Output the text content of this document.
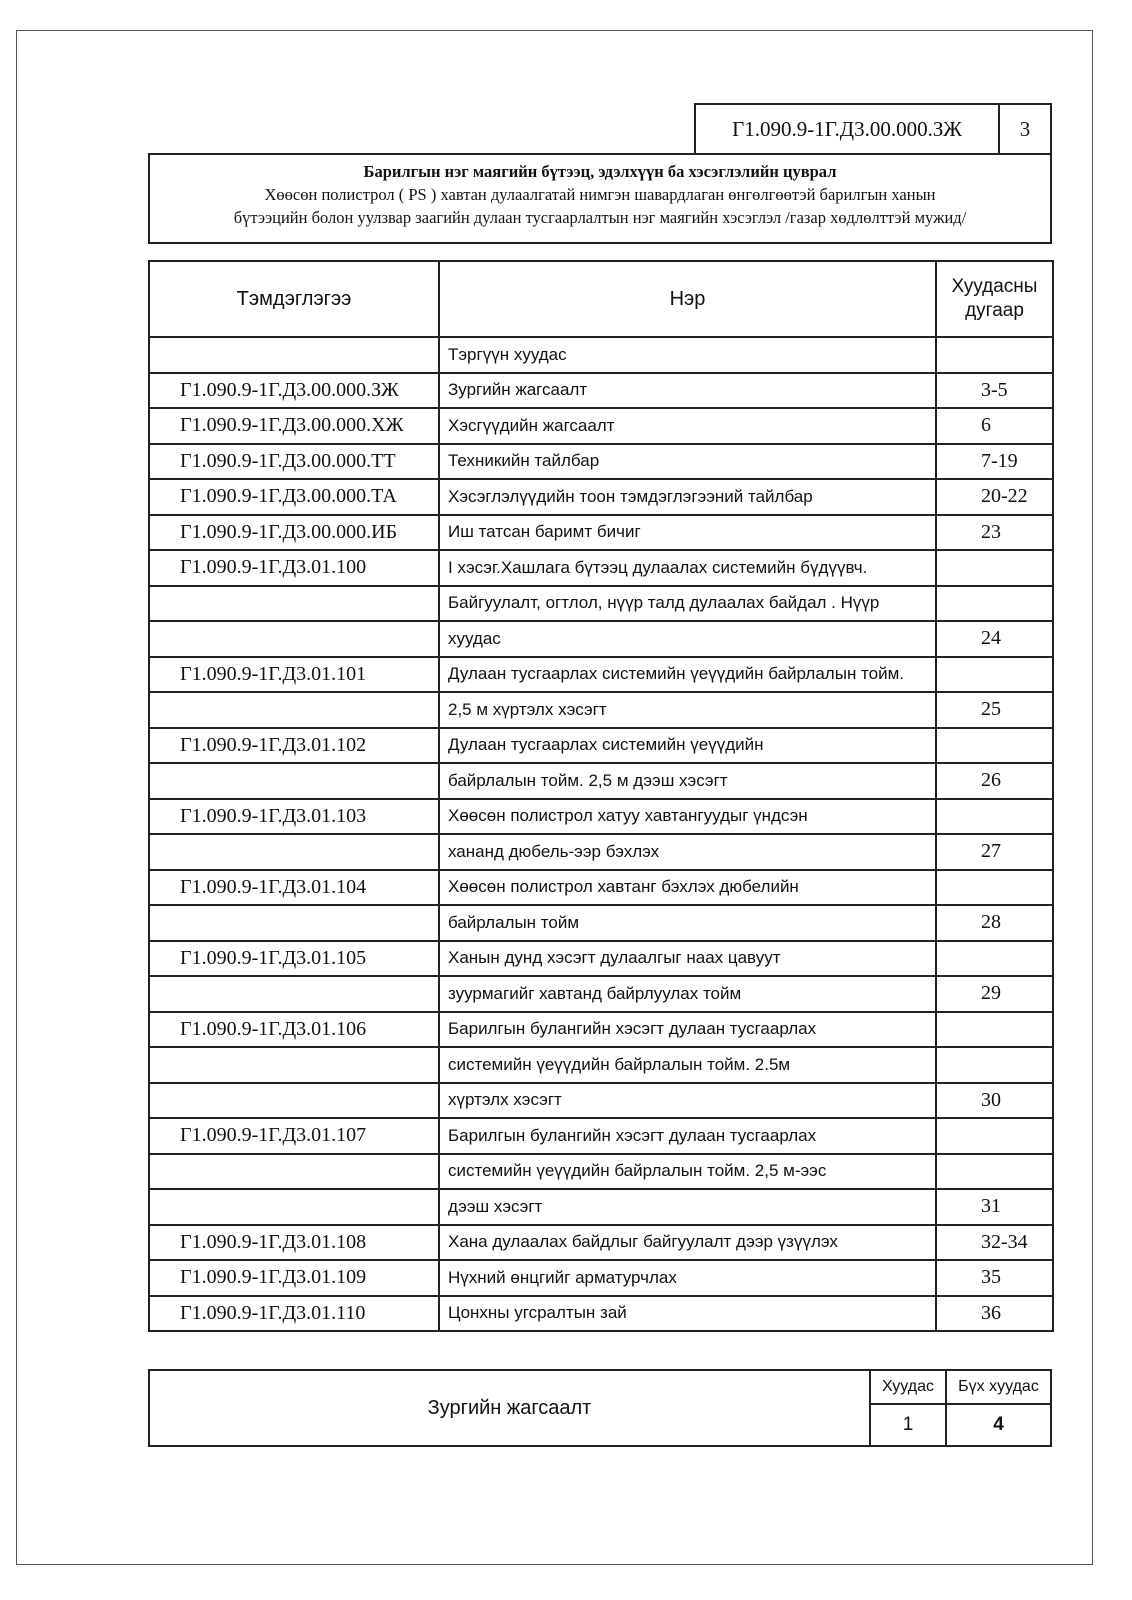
Г1.090.9-1Г.Д3.00.000.ЗЖ	3
Барилгын нэг маягийн бүтээц, эдэлхүүн ба хэсэглэлийн цуврал
Хөөсөн полистрол ( PS ) хавтан дулаалгатай нимгэн шавардлаган өнгөлгөөтэй барилгын ханын
бүтээцийн болон уулзвар заагийн дулаан тусгаарлалтын нэг маягийн хэсэглэл /газар хөдлөлттэй мужид/
Тэмдэглэгээ	Нэр	Хуудасны дугаар
	Тэргүүн хуудас	
Г1.090.9-1Г.Д3.00.000.ЗЖ	Зургийн жагсаалт	3-5
Г1.090.9-1Г.Д3.00.000.ХЖ	Хэсгүүдийн жагсаалт	6
Г1.090.9-1Г.Д3.00.000.ТТ	Техникийн тайлбар	7-19
Г1.090.9-1Г.Д3.00.000.ТА	Хэсэглэлүүдийн тоон тэмдэглэгээний тайлбар	20-22
Г1.090.9-1Г.Д3.00.000.ИБ	Иш татсан баримт бичиг	23
Г1.090.9-1Г.Д3.01.100	I хэсэг.Хашлага бүтээц дулаалах системийн бүдүүвч.	
	Байгуулалт, огтлол, нүүр талд дулаалах байдал . Нүүр	
	хуудас	24
Г1.090.9-1Г.Д3.01.101	Дулаан тусгаарлах системийн үеүүдийн байрлалын тойм.	
	2,5 м хүртэлх хэсэгт	25
Г1.090.9-1Г.Д3.01.102	Дулаан тусгаарлах системийн үеүүдийн	
	байрлалын тойм. 2,5 м дээш хэсэгт	26
Г1.090.9-1Г.Д3.01.103	Хөөсөн полистрол хатуу хавтангуудыг үндсэн	
	хананд дюбель-ээр бэхлэх	27
Г1.090.9-1Г.Д3.01.104	Хөөсөн полистрол хавтанг бэхлэх дюбелийн	
	байрлалын тойм	28
Г1.090.9-1Г.Д3.01.105	Ханын дунд хэсэгт дулаалгыг наах цавуут	
	зуурмагийг хавтанд байрлуулах тойм	29
Г1.090.9-1Г.Д3.01.106	Барилгын булангийн хэсэгт дулаан тусгаарлах	
	системийн үеүүдийн байрлалын тойм. 2.5м	
	хүртэлх хэсэгт	30
Г1.090.9-1Г.Д3.01.107	Барилгын булангийн хэсэгт дулаан тусгаарлах	
	системийн үеүүдийн байрлалын тойм. 2,5 м-ээс	
	дээш хэсэгт	31
Г1.090.9-1Г.Д3.01.108	Хана дулаалах байдлыг байгуулалт дээр үзүүлэх	32-34
Г1.090.9-1Г.Д3.01.109	Нүхний өнцгийг арматурчлах	35
Г1.090.9-1Г.Д3.01.110	Цонхны угсралтын зай	36
Зургийн жагсаалт	Хуудас	Бүх хуудас
	1	4
